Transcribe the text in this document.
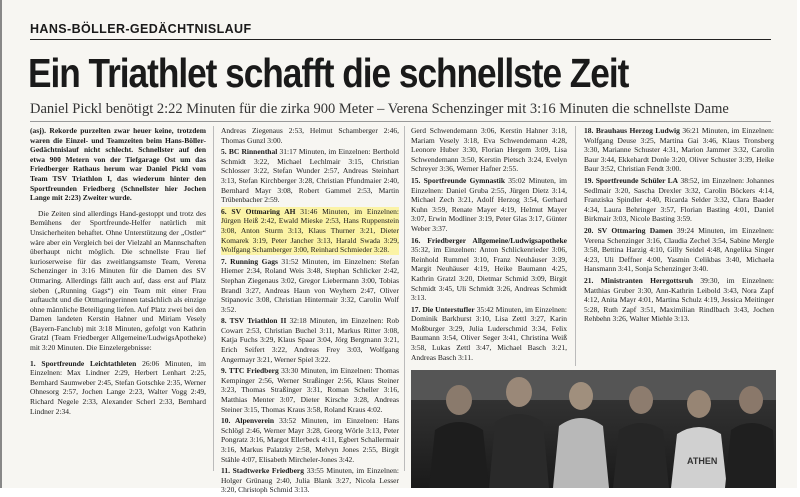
HANS-BÖLLER-GEDÄCHTNISLAUF
Ein Triathlet schafft die schnellste Zeit
Daniel Pickl benötigt 2:22 Minuten für die zirka 900 Meter – Verena Schenzinger mit 3:16 Minuten die schnellste Dame

(asj). Rekorde purzelten zwar heuer keine, trotzdem waren die Einzel- und Teamzeiten beim Hans-Böller-Gedächtnislauf nicht schlecht. Schnellster auf den etwa 900 Metern von der Tiefgarage Ost um das Friedberger Rathaus herum war Daniel Pickl vom Team TSV Triathlon I, das wiederum hinter den Sportfreunden Friedberg (Schnellster hier Jochen Lange mit 2:23) Zweiter wurde.

Die Zeiten sind allerdings Hand-gestoppt und trotz des Bemühens der Sportfreunde-Helfer natürlich mit Unsicherheiten behaftet. Ohne Unterstützung der „Ostler“ wäre aber ein Vergleich bei der Vielzahl an Mannschaften überhaupt nicht möglich. Die schnellste Frau lief kurioserweise für das zweitlangsamste Team, Verena Schenzinger in 3:16 Minuten für die Damen des SV Ottmaring. Allerdings fällt auch auf, dass erst auf Platz sieben („Running Gags“) ein Team mit einer Frau auftaucht und die Ottmaringerinnen tatsächlich als einzige ohne männliche Beteiligung liefen. Auf Platz zwei bei den Damen landeten Kerstin Hahner und Miriam Vesely (Bayern-Fanclub) mit 3:18 Minuten, gefolgt von Kathrin Gratzl (Team Friedberger Allgemeine/LudwigsApotheke) mit 3:20 Minuten. Die Einzelergebnisse:

1. Sportfreunde Leichtathleten 26:06 Minuten, im Einzelnen: Max Lindner 2:29, Herbert Lenhart 2:25, Bernhard Saumweber 2:45, Stefan Gotschke 2:35, Werner Ohnesorg 2:57, Jochen Lange 2:23, Walter Vogg 2:49, Richard Negele 2:33, Alexander Scherl 2:33, Bernhard Lindner 2:34.

Andreas Ziegenaus 2:53, Helmut Schamberger 2:46, Thomas Gunzl 3:00.

5. BC Rinnenthal 31:17 Minuten, im Einzelnen: Berthold Schmidt 3:22, Michael Lechlmair 3:15, Christian Schlosser 3:22, Stefan Wunder 2:57, Andreas Steinhart 3:13, Stefan Kirchberger 3:28, Christian Pfundmaier 2:40, Bernhard Mayr 3:08, Robert Gammel 2:53, Martin Trübenbacher 2:59.

6. SV Ottmaring AH 31:46 Minuten, im Einzelnen: Jürgen Heiß 2:42, Ewald Mieske 2:53, Hans Ruppenstein 3:08, Anton Sturm 3:13, Klaus Thurner 3:21, Dieter Komarek 3:19, Peter Jancher 3:13, Harald Swada 3:29, Wolfgang Schamberger 3:00, Reinhard Schmieder 3:28.

7. Running Gags 31:52 Minuten, im Einzelnen: Stefan Hiemer 2:34, Roland Weis 3:48, Stephan Schlicker 2:42, Stephan Ziegenaus 3:02, Gregor Liebermann 3:00, Tobias Brandl 3:27, Andreas Haun von Weyhern 2:47, Oliver Stipanovic 3:08, Christian Hintermair 3:32, Carolin Wolf 3:52.

8. TSV Triathlon II 32:18 Minuten, im Einzelnen: Rob Cowart 2:53, Christian Buchel 3:11, Markus Ritter 3:08, Katja Fuchs 3:29, Klaus Spaar 3:04, Jörg Bergmann 3:21, Erich Seifert 3:22, Andreas Frey 3:03, Wolfgang Angermayr 3:21, Werner Spiel 3:22.

9. TTC Friedberg 33:30 Minuten, im Einzelnen: Thomas Kempinger 2:56, Werner Straßinger 2:56, Klaus Steiner 3:23, Thomas Straßinger 3:31, Roman Scheller 3:16, Matthias Menter 3:07, Dieter Kirsche 3:28, Andreas Steiner 3:15, Thomas Kraus 3:58, Roland Kraus 4:02.

10. Alpenverein 33:52 Minuten, im Einzelnen: Hans Schlögl 2:46, Werner Mayr 3:28, Georg Wörle 3:13, Peter Pongratz 3:16, Margot Ellerbeck 4:11, Egbert Schallermair 3:16, Markus Palatzky 2:58, Melvyn Jones 2:55, Birgit Stähle 4:07, Elisabeth Mircheler-Jones 3:42.

11. Stadtwerke Friedberg 33:55 Minuten, im Einzelnen: Holger Grünaug 2:40, Julia Blank 3:27, Nicola Lesser 3:20, Christoph Schmid 3:13.

Gerd Schwendemann 3:06, Kerstin Hahner 3:18, Mariam Vesely 3:18, Eva Schwendemann 4:28, Leonore Huber 3:30, Florian Hergem 3:09, Lisa Schwendemann 3:50, Kerstin Pietsch 3:24, Evelyn Schreyer 3:36, Werner Hafner 2:55.

15. Sportfreunde Gymnastik 35:02 Minuten, im Einzelnen: Daniel Gruba 2:55, Jürgen Dietz 3:14, Michael Zech 3:21, Adolf Herzog 3:54, Gerhard Kuhn 3:59, Renate Mayer 4:19, Helmut Mayer 3:07, Erwin Modliner 3:19, Peter Glas 3:17, Günter Weber 3:37.

16. Friedberger Allgemeine/Ludwigsapotheke 35:32, im Einzelnen: Anton Schlickenrieder 3:06, Reinhold Rummel 3:10, Franz Neuhäuser 3:39, Margit Neuhäuser 4:19, Heike Baumann 4:25, Kathrin Gratzl 3:20, Dietmar Schmid 3:09, Birgit Schmidt 3:45, Uli Schmidt 3:26, Andreas Schmidt 3:13.

17. Die Unterstufler 35:42 Minuten, im Einzelnen: Dominik Barkhurst 3:10, Lisa Zettl 3:27, Karin Moßburger 3:29, Julia Luderschmid 3:34, Felix Baumann 3:54, Oliver Seger 3:41, Christina Weiß 3:58, Lukas Zettl 3:47, Michael Basch 3:21, Andreas Basch 3:11.

18. Brauhaus Herzog Ludwig 36:21 Minuten, im Einzelnen: Wolfgang Deuse 3:25, Martina Gai 3:46, Klaus Tronsberg 3:30, Marianne Schuster 4:31, Marion Jammer 3:32, Carolin Baur 3:44, Ekkehardt Donle 3:20, Oliver Schuster 3:39, Heike Baur 3:52, Christian Fendt 3:00.

19. Sportfreunde Schüler LA 38:52, im Einzelnen: Johannes Sedlmair 3:20, Sascha Drexler 3:32, Carolin Böckers 4:14, Franziska Spindler 4:40, Ricarda Selder 3:32, Clara Baader 4:34, Laura Behringer 3:57, Florian Basting 4:01, Daniel Birkmair 3:03, Nicole Basting 3:59.

20. SV Ottmaring Damen 39:24 Minuten, im Einzelnen: Verena Schenzinger 3:16, Claudia Zechel 3:54, Sabine Mergle 3:58, Bettina Harzig 4:10, Gilly Seidel 4:48, Angelika Singer 4:23, Uli Deffner 4:00, Yasmin Celikbas 3:40, Michaela Hansmann 3:41, Sonja Schenzinger 3:40.

21. Ministranten Herrgottsruh 39:30, im Einzelnen: Matthias Gruber 3:30, Ann-Kathrin Leibold 3:43, Nora Zapf 4:12, Anita Mayr 4:01, Martina Schulz 4:19, Jessica Meitinger 5:28, Ruth Zapf 3:51, Maximilian Rindlbach 3:43, Jochen Rehbehn 3:26, Walter Miehle 3:13.

ATHEN
